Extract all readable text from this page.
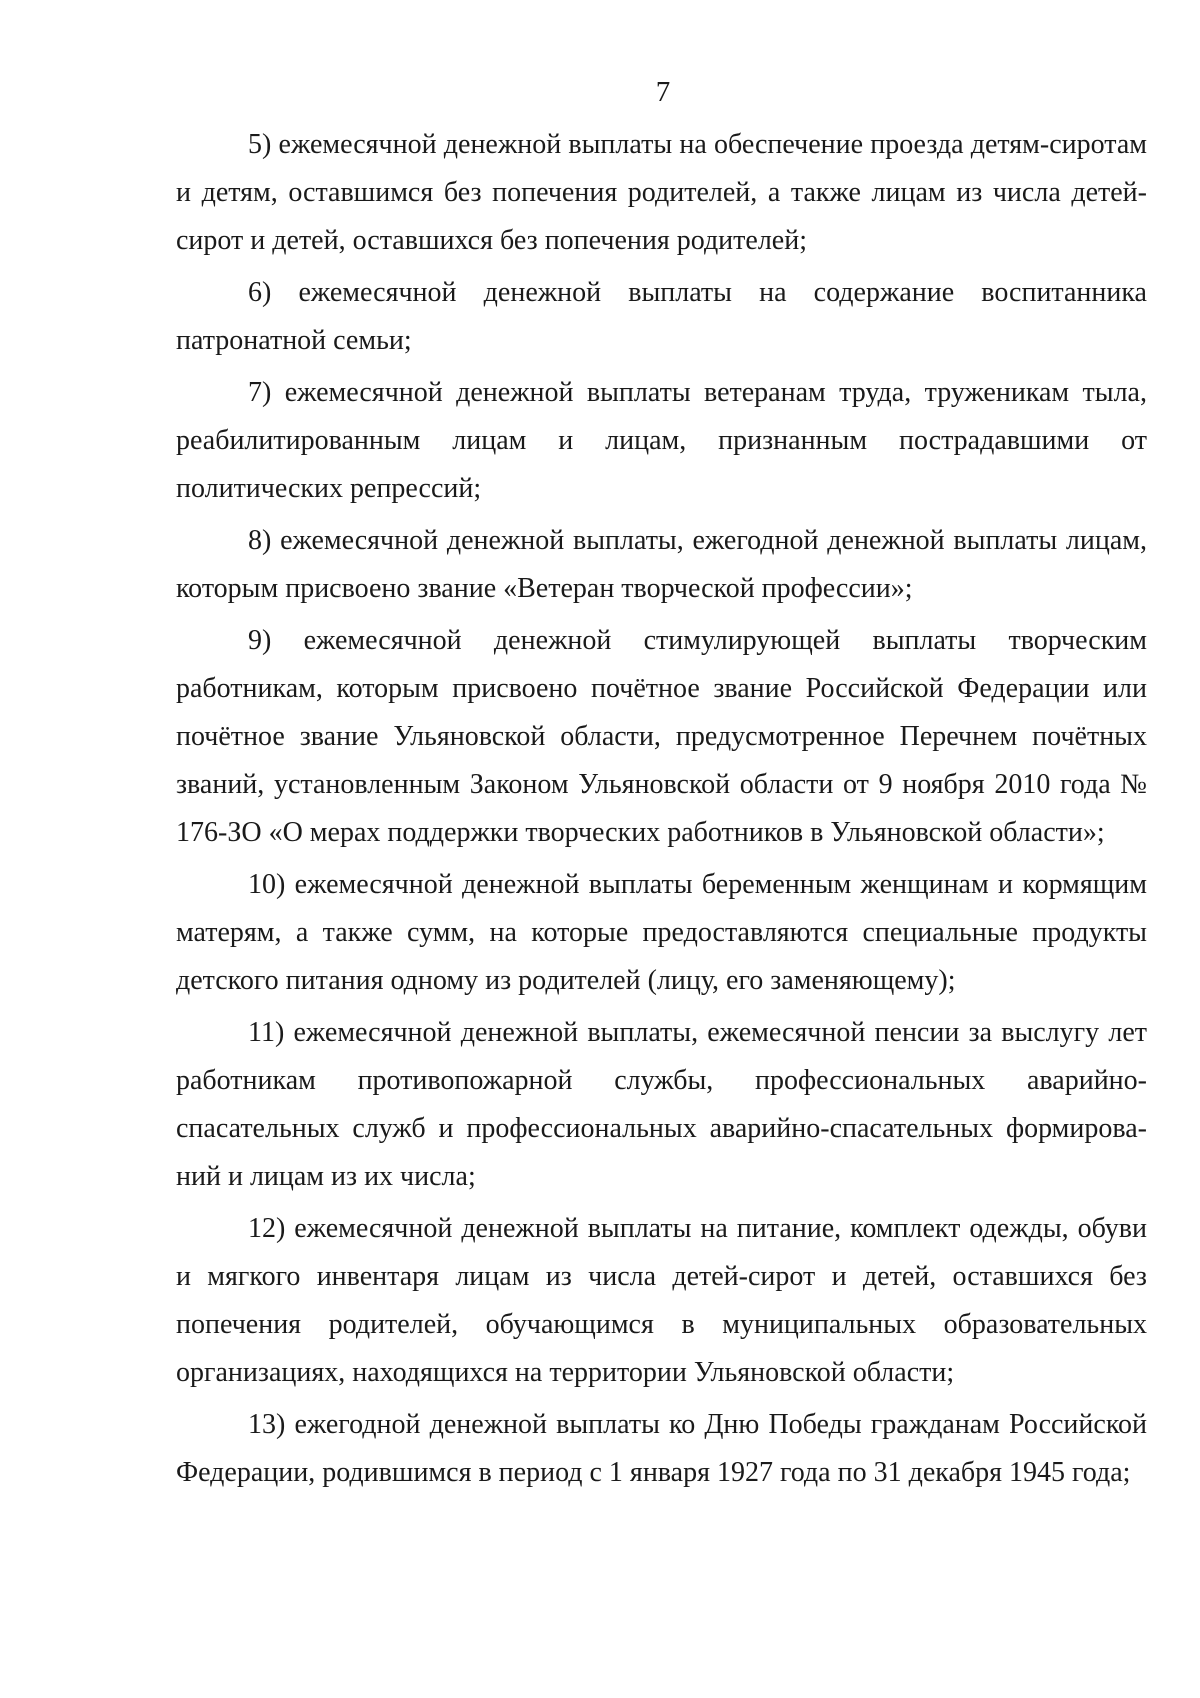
7

5) ежемесячной денежной выплаты на обеспечение проезда детям-сиротам и детям, оставшимся без попечения родителей, а также лицам из числа детей-сирот и детей, оставшихся без попечения родителей;

6) ежемесячной денежной выплаты на содержание воспитанника патронатной семьи;

7) ежемесячной денежной выплаты ветеранам труда, труженикам тыла, реабилитированным лицам и лицам, признанным пострадавшими от политических репрессий;

8) ежемесячной денежной выплаты, ежегодной денежной выплаты лицам, которым присвоено звание «Ветеран творческой профессии»;

9) ежемесячной денежной стимулирующей выплаты творческим работникам, которым присвоено почётное звание Российской Федерации или почётное звание Ульяновской области, предусмотренное Перечнем почётных званий, установленным Законом Ульяновской области от 9 ноября 2010 года № 176-ЗО «О мерах поддержки творческих работников в Ульяновской области»;

10) ежемесячной денежной выплаты беременным женщинам и кормящим матерям, а также сумм, на которые предоставляются специальные продукты детского питания одному из родителей (лицу, его заменяющему);

11) ежемесячной денежной выплаты, ежемесячной пенсии за выслугу лет работникам противопожарной службы, профессиональных аварийно-спасательных служб и профессиональных аварийно-спасательных формирований и лицам из их числа;

12) ежемесячной денежной выплаты на питание, комплект одежды, обуви и мягкого инвентаря лицам из числа детей-сирот и детей, оставшихся без попечения родителей, обучающимся в муниципальных образовательных организациях, находящихся на территории Ульяновской области;

13) ежегодной денежной выплаты ко Дню Победы гражданам Российской Федерации, родившимся в период с 1 января 1927 года по 31 декабря 1945 года;
